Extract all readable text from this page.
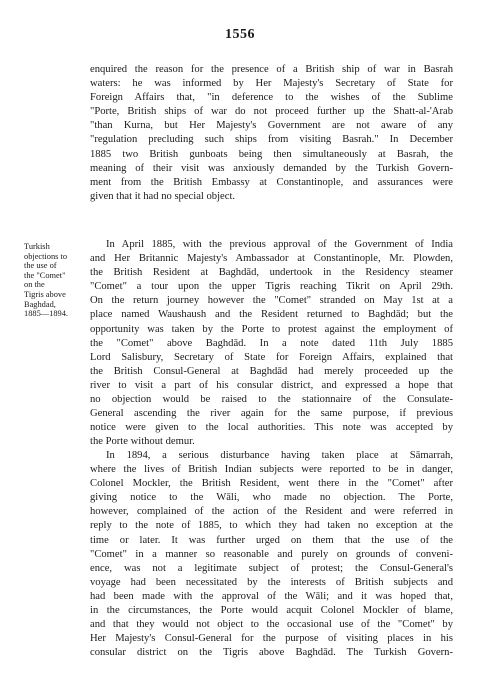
1556
Turkish
objections to
the use of
the "Comet"
on the
Tigris above
Baghdad,
1885—1894.
enquired the reason for the presence of a British ship of war in Basrah
waters: he was informed by Her Majesty's Secretary of State for
Foreign Affairs that, "in deference to the wishes of the Sublime
"Porte, British ships of war do not proceed further up the Shatt-al-'Arab
"than Kurna, but Her Majesty's Government are not aware of any
"regulation precluding such ships from visiting Basrah." In December
1885 two British gunboats being then simultaneously at Basrah, the
meaning of their visit was anxiously demanded by the Turkish Govern-
ment from the British Embassy at Constantinople, and assurances were
given that it had no special object.
In April 1885, with the previous approval of the Government of India
and Her Britannic Majesty's Ambassador at Constantinople, Mr. Plowden,
the British Resident at Baghdād, undertook in the Residency steamer
"Comet" a tour upon the upper Tigris reaching Tikrit on April 29th.
On the return journey however the "Comet" stranded on May 1st at a
place named Waushaush and the Resident returned to Baghdād; but the
opportunity was taken by the Porte to protest against the employment of
the "Comet" above Baghdād. In a note dated 11th July 1885
Lord Salisbury, Secretary of State for Foreign Affairs, explained that
the British Consul-General at Baghdād had merely proceeded up the
river to visit a part of his consular district, and expressed a hope that
no objection would be raised to the stationnaire of the Consulate-
General ascending the river again for the same purpose, if previous
notice were given to the local authorities. This note was accepted by
the Porte without demur.
In 1894, a serious disturbance having taken place at Sāmarrah,
where the lives of British Indian subjects were reported to be in danger,
Colonel Mockler, the British Resident, went there in the "Comet" after
giving notice to the Wāli, who made no objection. The Porte,
however, complained of the action of the Resident and were referred in
reply to the note of 1885, to which they had taken no exception at the
time or later. It was further urged on them that the use of the
"Comet" in a manner so reasonable and purely on grounds of conveni-
ence, was not a legitimate subject of protest; the Consul-General's
voyage had been necessitated by the interests of British subjects and
had been made with the approval of the Wāli; and it was hoped that,
in the circumstances, the Porte would acquit Colonel Mockler of blame,
and that they would not object to the occasional use of the "Comet" by
Her Majesty's Consul-General for the purpose of visiting places in his
consular district on the Tigris above Baghdād. The Turkish Govern-
